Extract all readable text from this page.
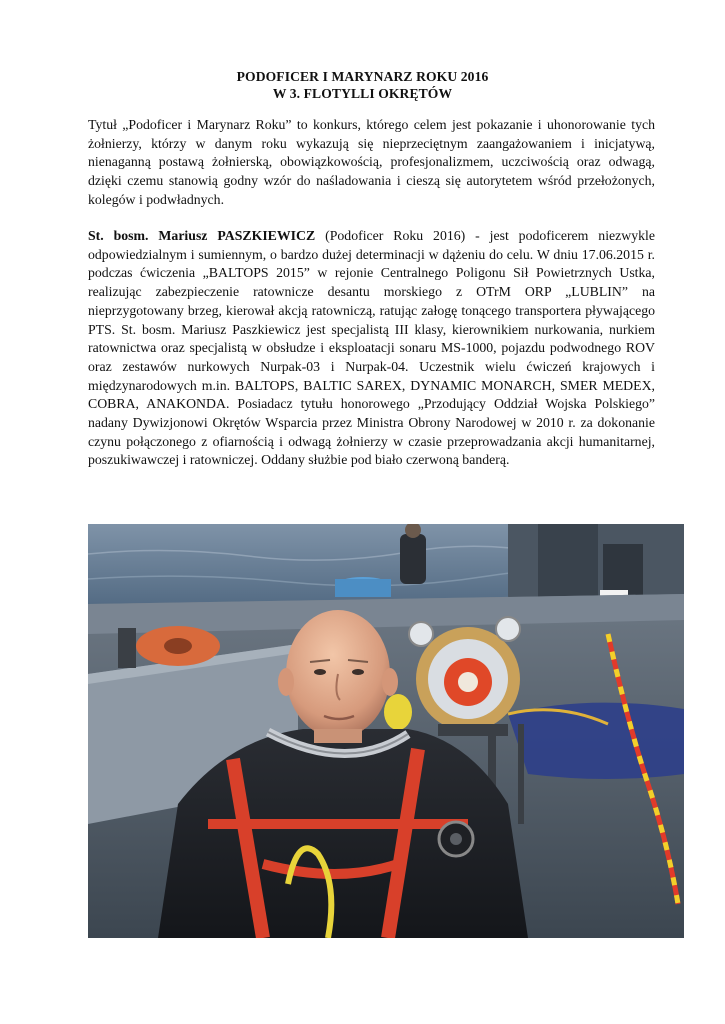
PODOFICER I MARYNARZ ROKU 2016
W 3. FLOTYLLI OKRĘTÓW

Tytuł „Podoficer i Marynarz Roku” to konkurs, którego celem jest pokazanie i uhonorowanie tych żołnierzy, którzy w danym roku wykazują się nieprzeciętnym zaangażowaniem i inicjatywą, nienaganną postawą żołnierską, obowiązkowością, profesjonalizmem, uczciwością oraz odwagą, dzięki czemu stanowią godny wzór do naśladowania i cieszą się autorytetem wśród przełożonych, kolegów i podwładnych.

St. bosm. Mariusz PASZKIEWICZ (Podoficer Roku 2016) - jest podoficerem niezwykle odpowiedzialnym i sumiennym, o bardzo dużej determinacji w dążeniu do celu. W dniu 17.06.2015 r. podczas ćwiczenia „BALTOPS 2015” w rejonie Centralnego Poligonu Sił Powietrznych Ustka, realizując zabezpieczenie ratownicze desantu morskiego z OTrM ORP „LUBLIN” na nieprzygotowany brzeg, kierował akcją ratowniczą, ratując załogę tonącego transportera pływającego PTS. St. bosm. Mariusz Paszkiewicz jest specjalistą III klasy, kierownikiem nurkowania, nurkiem ratownictwa oraz specjalistą w obsłudze i eksploatacji sonaru MS-1000, pojazdu podwodnego ROV oraz zestawów nurkowych Nurpak-03 i Nurpak-04. Uczestnik wielu ćwiczeń krajowych i międzynarodowych m.in. BALTOPS, BALTIC SAREX, DYNAMIC MONARCH, SMER MEDEX, COBRA, ANAKONDA. Posiadacz tytułu honorowego „Przodujący Oddział Wojska Polskiego” nadany Dywizjonowi Okrętów Wsparcia przez Ministra Obrony Narodowej w 2010 r. za dokonanie czynu połączonego z ofiarnością i odwagą żołnierzy w czasie przeprowadzania akcji humanitarnej, poszukiwawczej i ratowniczej. Oddany służbie pod biało czerwoną banderą.
